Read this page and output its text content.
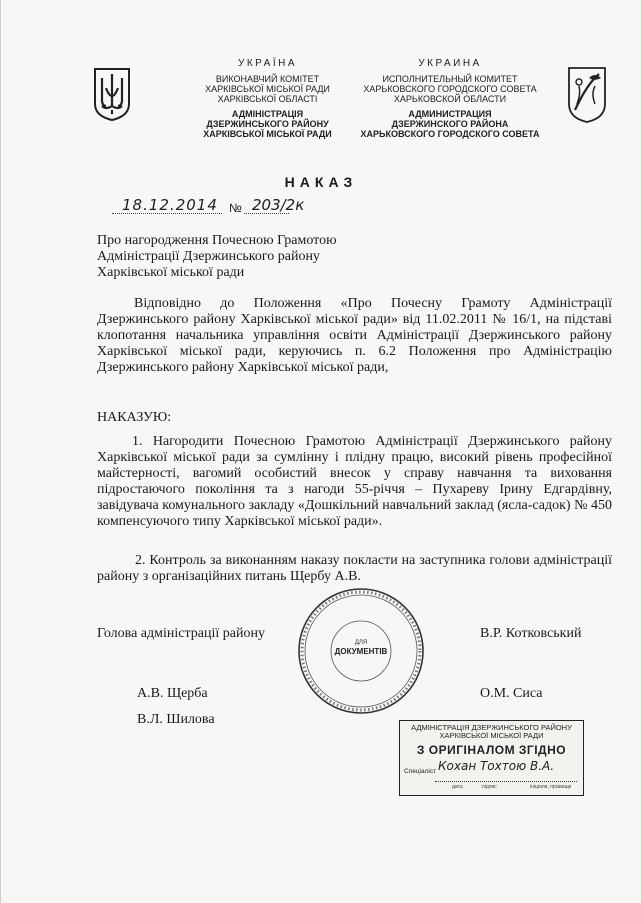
УКРАЇНА
ВИКОНАВЧИЙ КОМІТЕТ
ХАРКІВСЬКОЇ МІСЬКОЇ РАДИ
ХАРКІВСЬКОЇ ОБЛАСТІ
АДМІНІСТРАЦІЯ
ДЗЕРЖИНСЬКОГО РАЙОНУ
ХАРКІВСЬКОЇ МІСЬКОЇ РАДИ
УКРАИНА
ИСПОЛНИТЕЛЬНЫЙ КОМИТЕТ
ХАРЬКОВСКОГО ГОРОДСКОГО СОВЕТА
ХАРЬКОВСКОЙ ОБЛАСТИ
АДМИНИСТРАЦИЯ
ДЗЕРЖИНСКОГО РАЙОНА
ХАРЬКОВСКОГО ГОРОДСКОГО СОВЕТА
НАКАЗ
18.12.2014 № 203/2к
Про нагородження Почесною Грамотою
Адміністрації Дзержинського району
Харківської міської ради
Відповідно до Положення «Про Почесну Грамоту Адміністрації Дзержинського району Харківської міської ради» від 11.02.2011 № 16/1, на підставі клопотання начальника управління освіти Адміністрації Дзержинського району Харківської міської ради, керуючись п. 6.2 Положення про Адміністрацію Дзержинського району Харківської міської ради,
НАКАЗУЮ:
1. Нагородити Почесною Грамотою Адміністрації Дзержинського району Харківської міської ради за сумлінну і плідну працю, високий рівень професійної майстерності, вагомий особистий внесок у справу навчання та виховання підростаючого покоління та з нагоди 55-річчя – Пухареву Ірину Едгардівну, завідувача комунального закладу «Дошкільний навчальний заклад (ясла-садок) № 450 компенсуючого типу Харківської міської ради».
2. Контроль за виконанням наказу покласти на заступника голови адміністрації району з організаційних питань Щербу А.В.
Голова адміністрації району	В.Р. Котковський
А.В. Щерба	О.М. Сиса
В.Л. Шилова
ДЛЯ
ДОКУМЕНТІВ
АДМІНІСТРАЦІЯ ДЗЕРЖИНСЬКОГО РАЙОНУ
ХАРКІВСЬКОЇ МІСЬКОЇ РАДИ
З ОРИГІНАЛОМ ЗГІДНО
Спеціаліст Кохан Тохтою В.А.
дата	підпис	ініціали, прізвище
